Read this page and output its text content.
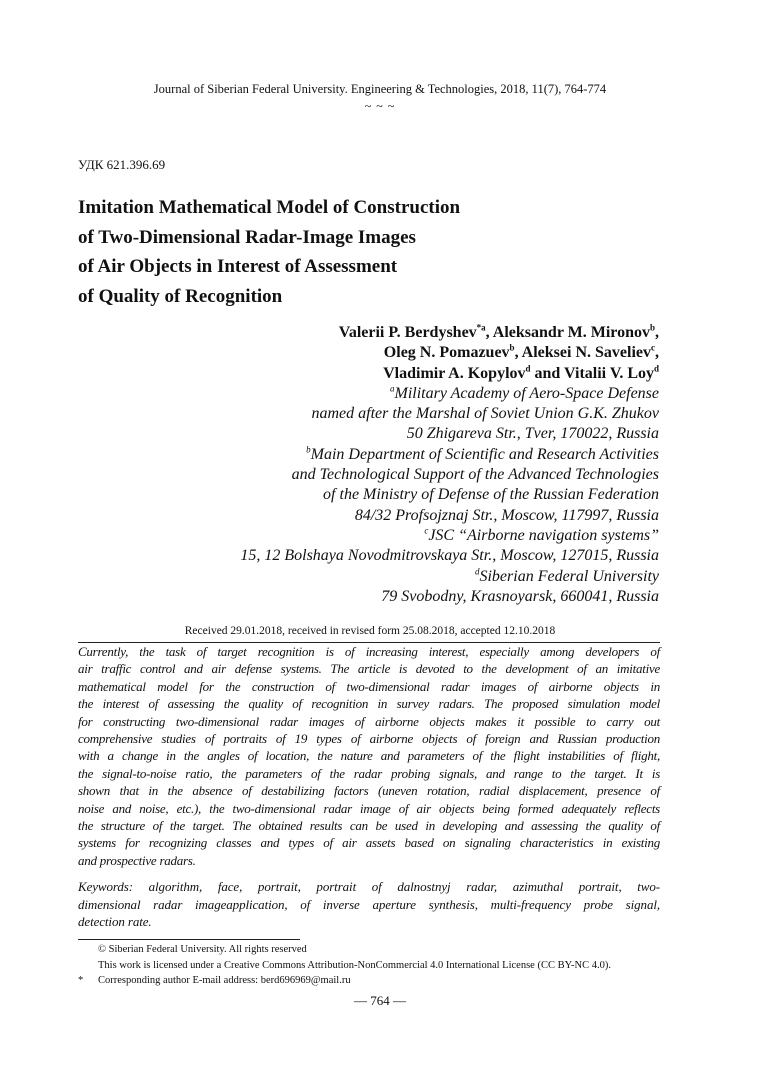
Journal of Siberian Federal University. Engineering & Technologies, 2018, 11(7), 764-774
~ ~ ~
УДК 621.396.69
Imitation Mathematical Model of Construction
of Two-Dimensional Radar-Image Images
of Air Objects in Interest of Assessment
of Quality of Recognition
Valerii P. Berdyshev$^{*a}$, Aleksandr M. Mironov$^b$,
Oleg N. Pomazuev$^b$, Aleksei N. Saveliev$^c$,
Vladimir A. Kopylov$^d$ and Vitalii V. Loy$^d$
$^a$Military Academy of Aero-Space Defense
named after the Marshal of Soviet Union G.K. Zhukov
50 Zhigareva Str., Tver, 170022, Russia
$^b$Main Department of Scientific and Research Activities
and Technological Support of the Advanced Technologies
of the Ministry of Defense of the Russian Federation
84/32 Profsojznaj Str., Moscow, 117997, Russia
$^c$JSC “Airborne navigation systems”
15, 12 Bolshaya Novodmitrovskaya Str., Moscow, 127015, Russia
$^d$Siberian Federal University
79 Svobodny, Krasnoyarsk, 660041, Russia
Received 29.01.2018, received in revised form 25.08.2018, accepted 12.10.2018
Currently, the task of target recognition is of increasing interest, especially among developers of
air traffic control and air defense systems. The article is devoted to the development of an imitative
mathematical model for the construction of two-dimensional radar images of airborne objects in
the interest of assessing the quality of recognition in survey radars. The proposed simulation model
for constructing two-dimensional radar images of airborne objects makes it possible to carry out
comprehensive studies of portraits of 19 types of airborne objects of foreign and Russian production
with a change in the angles of location, the nature and parameters of the flight instabilities of flight,
the signal-to-noise ratio, the parameters of the radar probing signals, and range to the target. It is
shown that in the absence of destabilizing factors (uneven rotation, radial displacement, presence of
noise and noise, etc.), the two-dimensional radar image of air objects being formed adequately reflects
the structure of the target. The obtained results can be used in developing and assessing the quality of
systems for recognizing classes and types of air assets based on signaling characteristics in existing
and prospective radars.
Keywords: algorithm, face, portrait, portrait of dalnostnyj radar, azimuthal portrait, two-
dimensional radar imageapplication, of inverse aperture synthesis, multi-frequency probe signal,
detection rate.
© Siberian Federal University. All rights reserved
This work is licensed under a Creative Commons Attribution-NonCommercial 4.0 International License (CC BY-NC 4.0).
*	Corresponding author E-mail address: berd696969@mail.ru
— 764 —
